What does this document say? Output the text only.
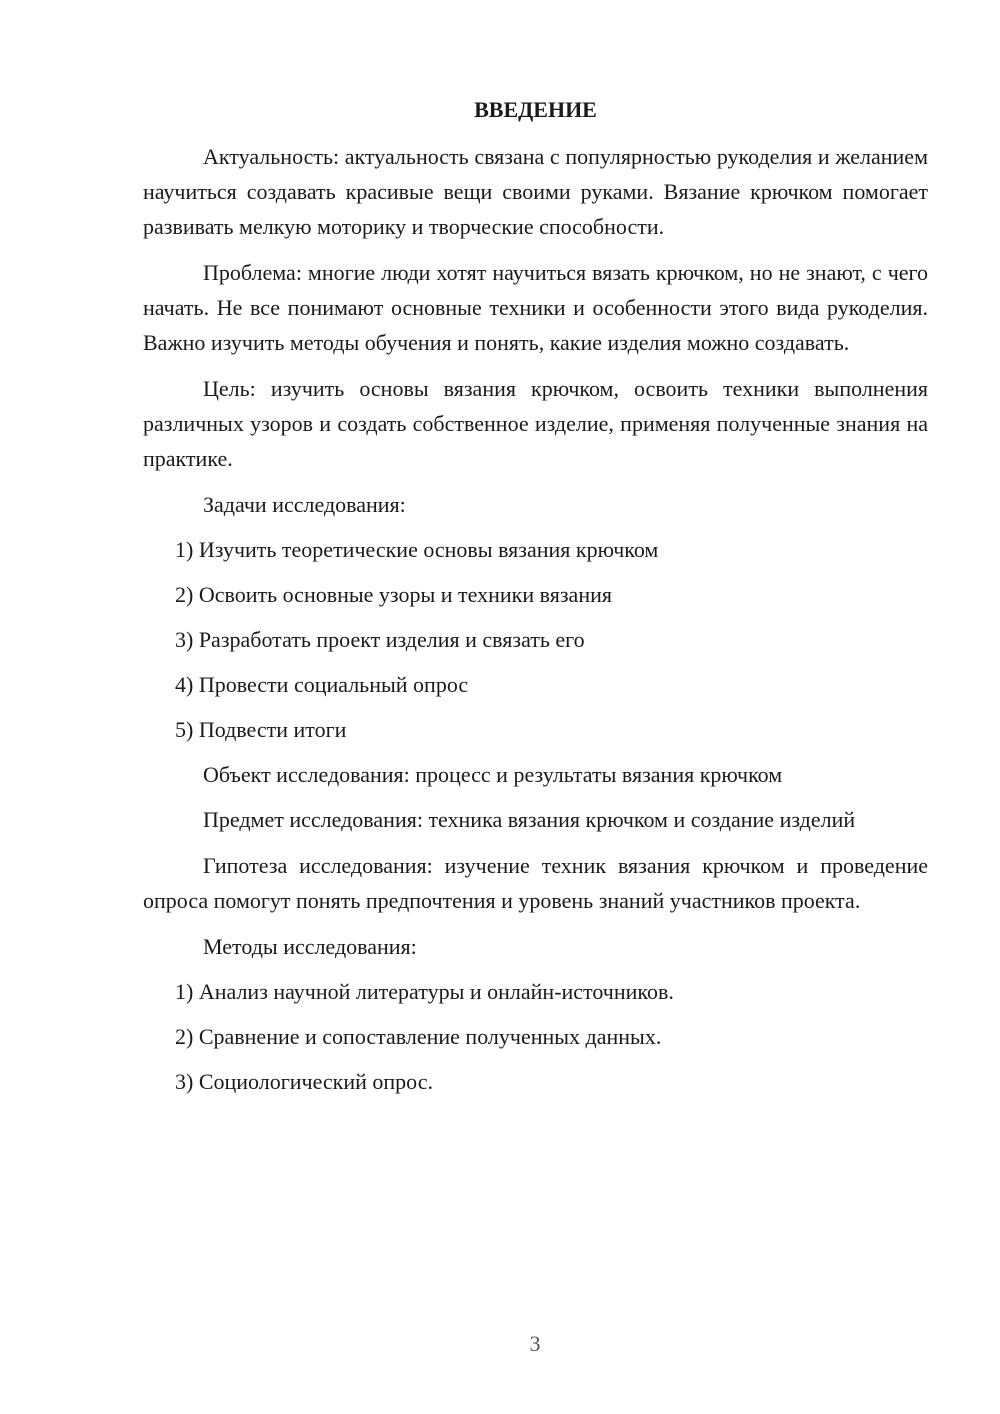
ВВЕДЕНИЕ

Актуальность: актуальность связана с популярностью рукоделия и желанием научиться создавать красивые вещи своими руками. Вязание крючком помогает развивать мелкую моторику и творческие способности.

Проблема: многие люди хотят научиться вязать крючком, но не знают, с чего начать. Не все понимают основные техники и особенности этого вида рукоделия. Важно изучить методы обучения и понять, какие изделия можно создавать.

Цель: изучить основы вязания крючком, освоить техники выполнения различных узоров и создать собственное изделие, применяя полученные знания на практике.

Задачи исследования:
1) Изучить теоретические основы вязания крючком
2) Освоить основные узоры и техники вязания
3) Разработать проект изделия и связать его
4) Провести социальный опрос
5) Подвести итоги
Объект исследования: процесс и результаты вязания крючком

Предмет исследования: техника вязания крючком и создание изделий

Гипотеза исследования: изучение техник вязания крючком и проведение опроса помогут понять предпочтения и уровень знаний участников проекта.

Методы исследования:
1) Анализ научной литературы и онлайн-источников.
2) Сравнение и сопоставление полученных данных.
3) Социологический опрос.
3
